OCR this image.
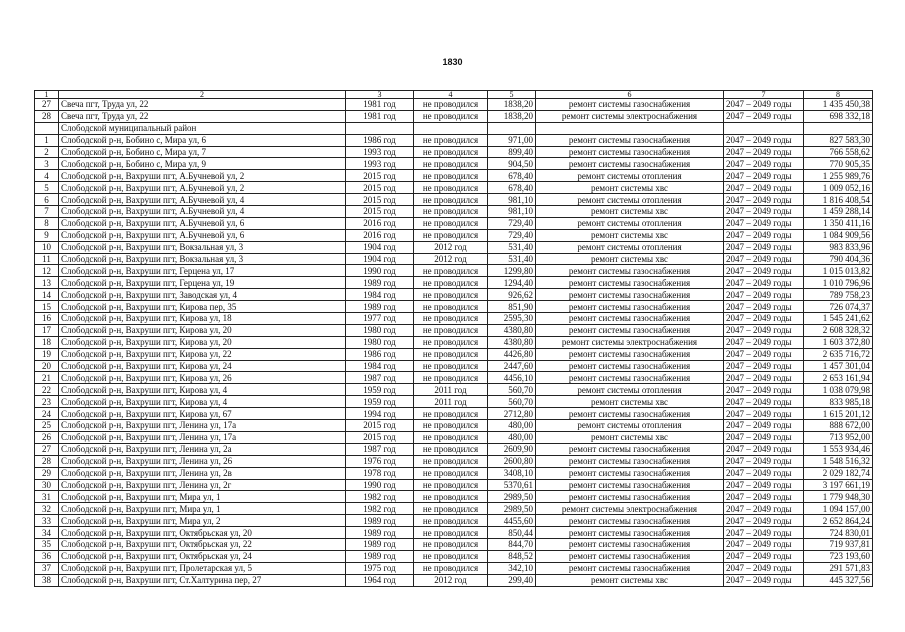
1830
1	2	3	4	5	6	7	8
27	Свеча пгт, Труда ул, 22	1981 год	не проводился	1838,20	ремонт системы газоснабжения	2047 – 2049 годы	1 435 450,38
28	Свеча пгт, Труда ул, 22	1981 год	не проводился	1838,20	ремонт системы электроснабжения	2047 – 2049 годы	698 332,18
	Слободской муниципальный район						
1	Слободской р-н, Бобино с, Мира ул, 6	1986 год	не проводился	971,00	ремонт системы газоснабжения	2047 – 2049 годы	827 583,30
2	Слободской р-н, Бобино с, Мира ул, 7	1993 год	не проводился	899,40	ремонт системы газоснабжения	2047 – 2049 годы	766 558,62
3	Слободской р-н, Бобино с, Мира ул, 9	1993 год	не проводился	904,50	ремонт системы газоснабжения	2047 – 2049 годы	770 905,35
4	Слободской р-н, Вахруши пгт, А.Бучневой ул, 2	2015 год	не проводился	678,40	ремонт системы отопления	2047 – 2049 годы	1 255 989,76
5	Слободской р-н, Вахруши пгт, А.Бучневой ул, 2	2015 год	не проводился	678,40	ремонт системы хвс	2047 – 2049 годы	1 009 052,16
6	Слободской р-н, Вахруши пгт, А.Бучневой ул, 4	2015 год	не проводился	981,10	ремонт системы отопления	2047 – 2049 годы	1 816 408,54
7	Слободской р-н, Вахруши пгт, А.Бучневой ул, 4	2015 год	не проводился	981,10	ремонт системы хвс	2047 – 2049 годы	1 459 288,14
8	Слободской р-н, Вахруши пгт, А.Бучневой ул, 6	2016 год	не проводился	729,40	ремонт системы отопления	2047 – 2049 годы	1 350 411,16
9	Слободской р-н, Вахруши пгт, А.Бучневой ул, 6	2016 год	не проводился	729,40	ремонт системы хвс	2047 – 2049 годы	1 084 909,56
10	Слободской р-н, Вахруши пгт, Вокзальная ул, 3	1904 год	2012 год	531,40	ремонт системы отопления	2047 – 2049 годы	983 833,96
11	Слободской р-н, Вахруши пгт, Вокзальная ул, 3	1904 год	2012 год	531,40	ремонт системы хвс	2047 – 2049 годы	790 404,36
12	Слободской р-н, Вахруши пгт, Герцена ул, 17	1990 год	не проводился	1299,80	ремонт системы газоснабжения	2047 – 2049 годы	1 015 013,82
13	Слободской р-н, Вахруши пгт, Герцена ул, 19	1989 год	не проводился	1294,40	ремонт системы газоснабжения	2047 – 2049 годы	1 010 796,96
14	Слободской р-н, Вахруши пгт, Заводская ул, 4	1984 год	не проводился	926,62	ремонт системы газоснабжения	2047 – 2049 годы	789 758,23
15	Слободской р-н, Вахруши пгт, Кирова пер, 35	1989 год	не проводился	851,90	ремонт системы газоснабжения	2047 – 2049 годы	726 074,37
16	Слободской р-н, Вахруши пгт, Кирова ул, 18	1977 год	не проводился	2595,30	ремонт системы газоснабжения	2047 – 2049 годы	1 545 241,62
17	Слободской р-н, Вахруши пгт, Кирова ул, 20	1980 год	не проводился	4380,80	ремонт системы газоснабжения	2047 – 2049 годы	2 608 328,32
18	Слободской р-н, Вахруши пгт, Кирова ул, 20	1980 год	не проводился	4380,80	ремонт системы электроснабжения	2047 – 2049 годы	1 603 372,80
19	Слободской р-н, Вахруши пгт, Кирова ул, 22	1986 год	не проводился	4426,80	ремонт системы газоснабжения	2047 – 2049 годы	2 635 716,72
20	Слободской р-н, Вахруши пгт, Кирова ул, 24	1984 год	не проводился	2447,60	ремонт системы газоснабжения	2047 – 2049 годы	1 457 301,04
21	Слободской р-н, Вахруши пгт, Кирова ул, 26	1987 год	не проводился	4456,10	ремонт системы газоснабжения	2047 – 2049 годы	2 653 161,94
22	Слободской р-н, Вахруши пгт, Кирова ул, 4	1959 год	2011 год	560,70	ремонт системы отопления	2047 – 2049 годы	1 038 079,98
23	Слободской р-н, Вахруши пгт, Кирова ул, 4	1959 год	2011 год	560,70	ремонт системы хвс	2047 – 2049 годы	833 985,18
24	Слободской р-н, Вахруши пгт, Кирова ул, 67	1994 год	не проводился	2712,80	ремонт системы газоснабжения	2047 – 2049 годы	1 615 201,12
25	Слободской р-н, Вахруши пгт, Ленина ул, 17а	2015 год	не проводился	480,00	ремонт системы отопления	2047 – 2049 годы	888 672,00
26	Слободской р-н, Вахруши пгт, Ленина ул, 17а	2015 год	не проводился	480,00	ремонт системы хвс	2047 – 2049 годы	713 952,00
27	Слободской р-н, Вахруши пгт, Ленина ул, 2а	1987 год	не проводился	2609,90	ремонт системы газоснабжения	2047 – 2049 годы	1 553 934,46
28	Слободской р-н, Вахруши пгт, Ленина ул, 26	1976 год	не проводился	2600,80	ремонт системы газоснабжения	2047 – 2049 годы	1 548 516,32
29	Слободской р-н, Вахруши пгт, Ленина ул, 2в	1978 год	не проводился	3408,10	ремонт системы газоснабжения	2047 – 2049 годы	2 029 182,74
30	Слободской р-н, Вахруши пгт, Ленина ул, 2г	1990 год	не проводился	5370,61	ремонт системы газоснабжения	2047 – 2049 годы	3 197 661,19
31	Слободской р-н, Вахруши пгт, Мира ул, 1	1982 год	не проводился	2989,50	ремонт системы газоснабжения	2047 – 2049 годы	1 779 948,30
32	Слободской р-н, Вахруши пгт, Мира ул, 1	1982 год	не проводился	2989,50	ремонт системы электроснабжения	2047 – 2049 годы	1 094 157,00
33	Слободской р-н, Вахруши пгт, Мира ул, 2	1989 год	не проводился	4455,60	ремонт системы газоснабжения	2047 – 2049 годы	2 652 864,24
34	Слободской р-н, Вахруши пгт, Октябрьская ул, 20	1989 год	не проводился	850,44	ремонт системы газоснабжения	2047 – 2049 годы	724 830,01
35	Слободской р-н, Вахруши пгт, Октябрьская ул, 22	1989 год	не проводился	844,70	ремонт системы газоснабжения	2047 – 2049 годы	719 937,81
36	Слободской р-н, Вахруши пгт, Октябрьская ул, 24	1989 год	не проводился	848,52	ремонт системы газоснабжения	2047 – 2049 годы	723 193,60
37	Слободской р-н, Вахруши пгт, Пролетарская ул, 5	1975 год	не проводился	342,10	ремонт системы газоснабжения	2047 – 2049 годы	291 571,83
38	Слободской р-н, Вахруши пгт, Ст.Халтурина пер, 27	1964 год	2012 год	299,40	ремонт системы хвс	2047 – 2049 годы	445 327,56
